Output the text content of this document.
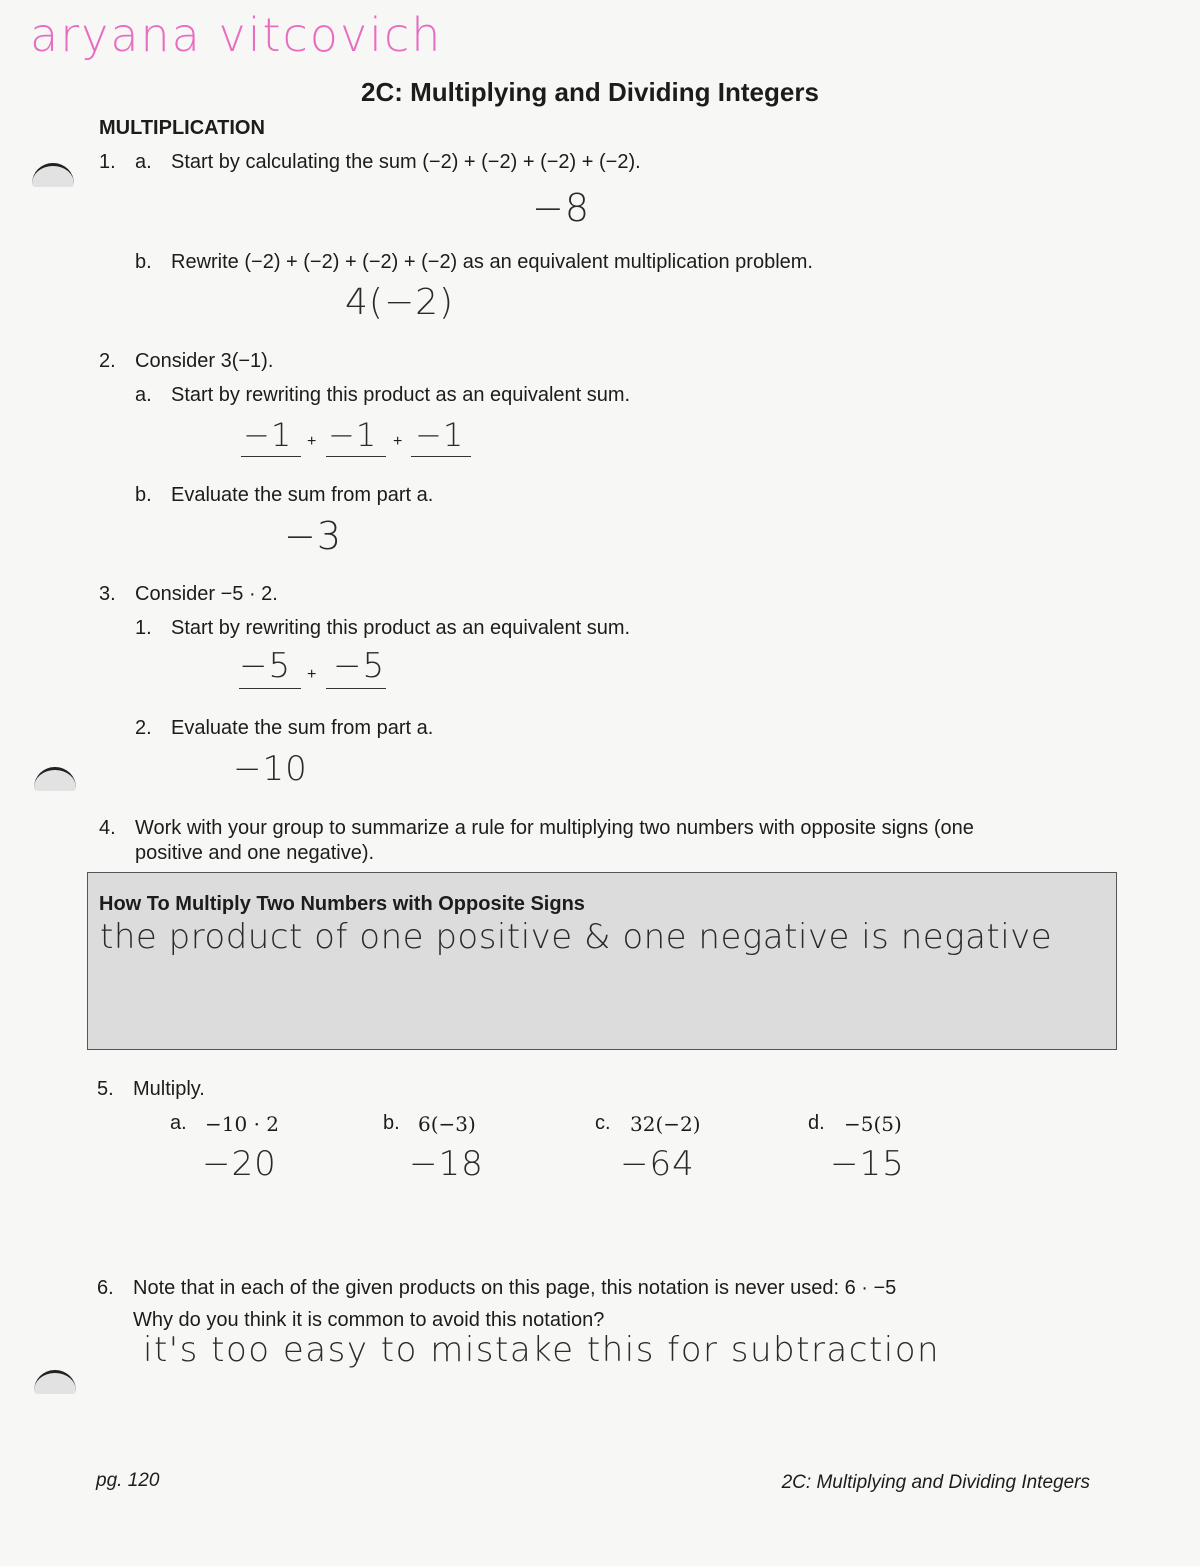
aryana vitcovich
2C: Multiplying and Dividing Integers
MULTIPLICATION
1. a. Start by calculating the sum (−2) + (−2) + (−2) + (−2).
−8
b. Rewrite (−2) + (−2) + (−2) + (−2) as an equivalent multiplication problem.
4(−2)
2. Consider 3(−1).
a. Start by rewriting this product as an equivalent sum.
−1 + −1 + −1
b. Evaluate the sum from part a.
−3
3. Consider −5 · 2.
1. Start by rewriting this product as an equivalent sum.
−5 + −5
2. Evaluate the sum from part a.
−10
4. Work with your group to summarize a rule for multiplying two numbers with opposite signs (one
positive and one negative).
How To Multiply Two Numbers with Opposite Signs
the product of one positive & one negative is negative
5. Multiply.
a. −10 · 2
−20
b. 6(−3)
−18
c. 32(−2)
−64
d. −5(5)
−15
6. Note that in each of the given products on this page, this notation is never used: 6 · −5
Why do you think it is common to avoid this notation?
it's too easy to mistake this for subtraction
pg. 120	2C: Multiplying and Dividing Integers
